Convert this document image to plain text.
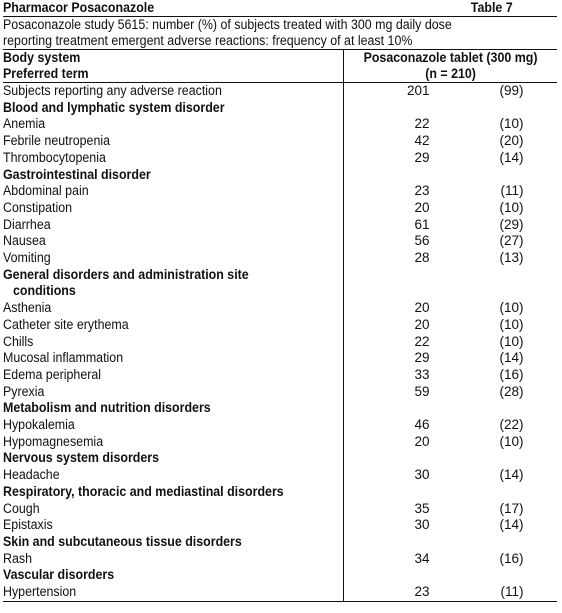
Pharmacor Posaconazole	Table 7
Posaconazole study 5615: number (%) of subjects treated with 300 mg daily dose
reporting treatment emergent adverse reactions: frequency of at least 10%
Body system	Posaconazole tablet (300 mg)
Preferred term	(n = 210)
Subjects reporting any adverse reaction	201 (99)

Blood and lymphatic system disorder	
Anemia	22 (10)

Febrile neutropenia	42 (20)

Thrombocytopenia	29 (14)

Gastrointestinal disorder	
Abdominal pain	23 (11)

Constipation	20 (10)

Diarrhea	61 (29)

Nausea	56 (27)

Vomiting	28 (13)

General disorders and administration site	
conditions	
Asthenia	20 (10)

Catheter site erythema	20 (10)

Chills	22 (10)

Mucosal inflammation	29 (14)

Edema peripheral	33 (16)

Pyrexia	59 (28)

Metabolism and nutrition disorders	
Hypokalemia	46 (22)

Hypomagnesemia	20 (10)

Nervous system disorders	
Headache	30 (14)

Respiratory, thoracic and mediastinal disorders	
Cough	35 (17)

Epistaxis	30 (14)

Skin and subcutaneous tissue disorders	
Rash	34 (16)

Vascular disorders	
Hypertension	23 (11)
